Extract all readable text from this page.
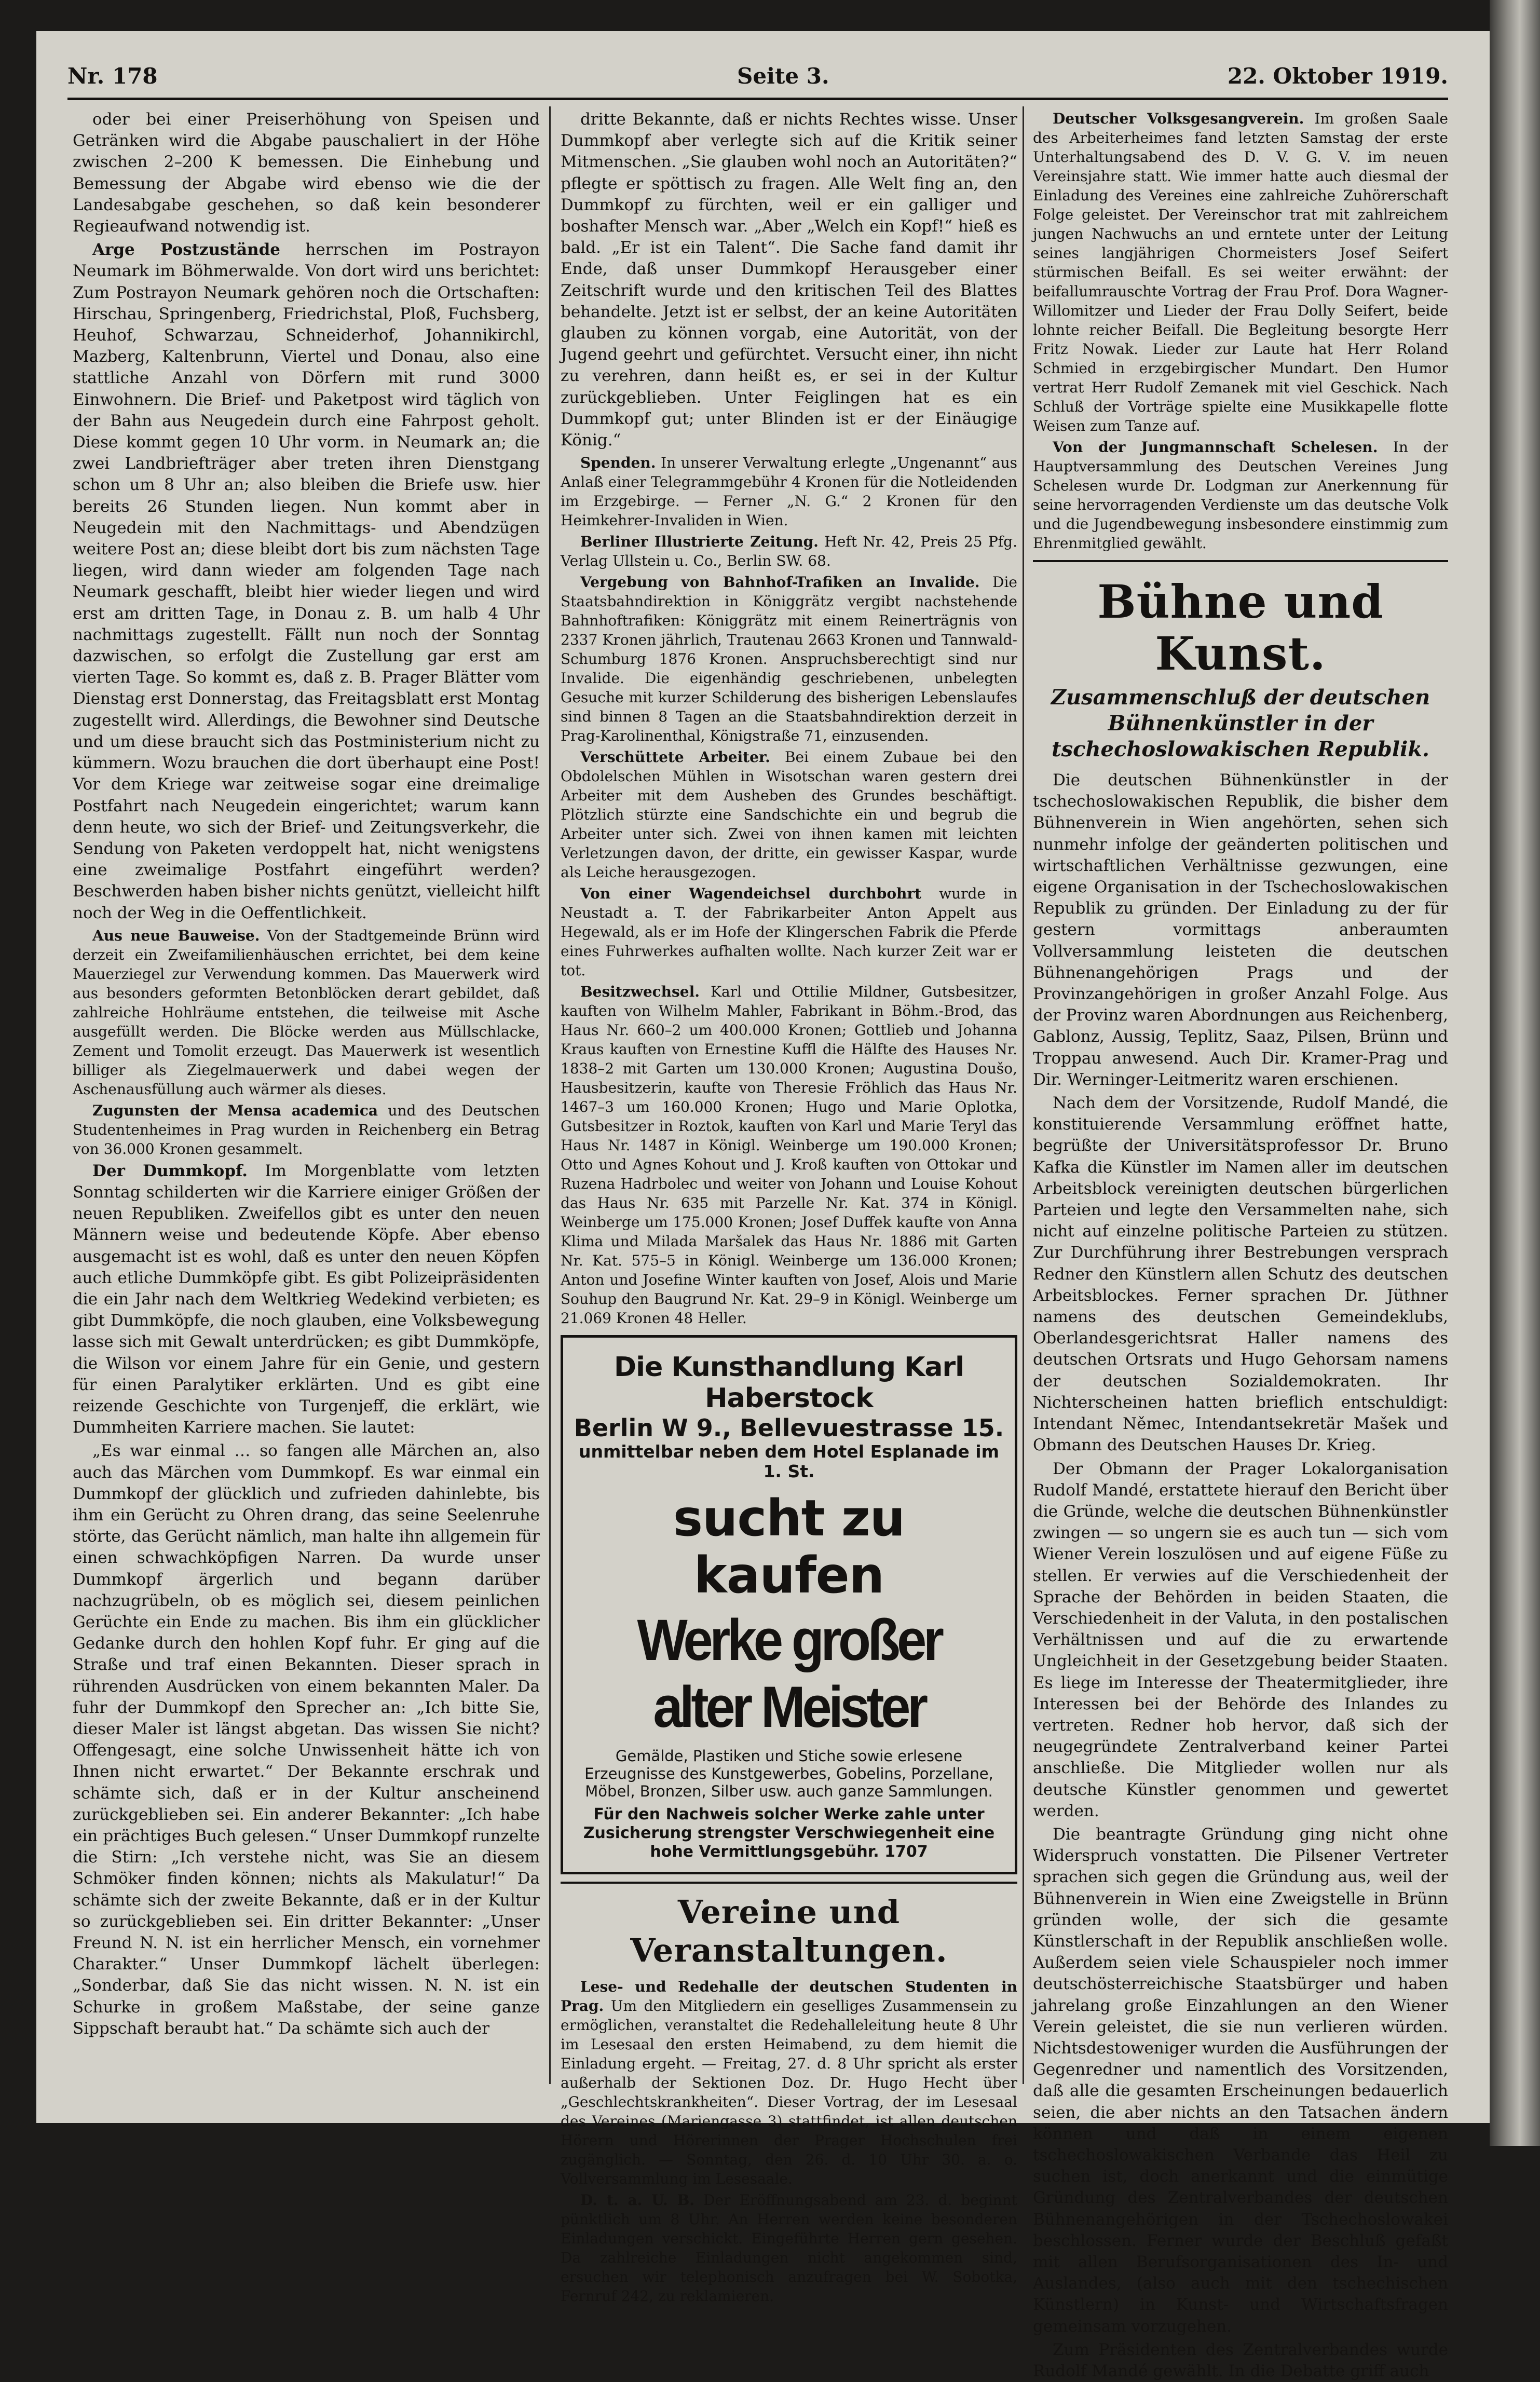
Nr. 178	Seite 3.	22. Oktober 1919.

oder bei einer Preiserhöhung von Speisen und Getränken wird die Abgabe pauschaliert in der Höhe zwischen 2–200 K bemessen. Die Einhebung und Bemessung der Abgabe wird ebenso wie die der Landesabgabe geschehen, so daß kein besonderer Regieaufwand notwendig ist.

Arge Postzustände herrschen im Postrayon Neumark im Böhmerwalde. Von dort wird uns berichtet: Zum Postrayon Neumark gehören noch die Ortschaften: Hirschau, Springenberg, Friedrichstal, Ploß, Fuchsberg, Heuhof, Schwarzau, Schneiderhof, Johannikirchl, Mazberg, Kaltenbrunn, Viertel und Donau, also eine stattliche Anzahl von Dörfern mit rund 3000 Einwohnern. Die Brief- und Paketpost wird täglich von der Bahn aus Neugedein durch eine Fahrpost geholt. Diese kommt gegen 10 Uhr vorm. in Neumark an; die zwei Landbriefträger aber treten ihren Dienstgang schon um 8 Uhr an; also bleiben die Briefe usw. hier bereits 26 Stunden liegen. Nun kommt aber in Neugedein mit den Nachmittags- und Abendzügen weitere Post an; diese bleibt dort bis zum nächsten Tage liegen, wird dann wieder am folgenden Tage nach Neumark geschafft, bleibt hier wieder liegen und wird erst am dritten Tage, in Donau z. B. um halb 4 Uhr nachmittags zugestellt. Fällt nun noch der Sonntag dazwischen, so erfolgt die Zustellung gar erst am vierten Tage. So kommt es, daß z. B. Prager Blätter vom Dienstag erst Donnerstag, das Freitagsblatt erst Montag zugestellt wird. Allerdings, die Bewohner sind Deutsche und um diese braucht sich das Postministerium nicht zu kümmern. Wozu brauchen die dort überhaupt eine Post! Vor dem Kriege war zeitweise sogar eine dreimalige Postfahrt nach Neugedein eingerichtet; warum kann denn heute, wo sich der Brief- und Zeitungsverkehr, die Sendung von Paketen verdoppelt hat, nicht wenigstens eine zweimalige Postfahrt eingeführt werden? Beschwerden haben bisher nichts genützt, vielleicht hilft noch der Weg in die Oeffentlichkeit.

Aus neue Bauweise. Von der Stadtgemeinde Brünn wird derzeit ein Zweifamilienhäuschen errichtet, bei dem keine Mauerziegel zur Verwendung kommen. Das Mauerwerk wird aus besonders geformten Betonblöcken derart gebildet, daß zahlreiche Hohlräume entstehen, die teilweise mit Asche ausgefüllt werden. Die Blöcke werden aus Müllschlacke, Zement und Tomolit erzeugt. Das Mauerwerk ist wesentlich billiger als Ziegelmauerwerk und dabei wegen der Aschenausfüllung auch wärmer als dieses.

Zugunsten der Mensa academica und des Deutschen Studentenheimes in Prag wurden in Reichenberg ein Betrag von 36.000 Kronen gesammelt.

Der Dummkopf. Im Morgenblatte vom letzten Sonntag schilderten wir die Karriere einiger Größen der neuen Republiken. Zweifellos gibt es unter den neuen Männern weise und bedeutende Köpfe. Aber ebenso ausgemacht ist es wohl, daß es unter den neuen Köpfen auch etliche Dummköpfe gibt. Es gibt Polizeipräsidenten die ein Jahr nach dem Weltkrieg Wedekind verbieten; es gibt Dummköpfe, die noch glauben, eine Volksbewegung lasse sich mit Gewalt unterdrücken; es gibt Dummköpfe, die Wilson vor einem Jahre für ein Genie, und gestern für einen Paralytiker erklärten. Und es gibt eine reizende Geschichte von Turgenjeff, die erklärt, wie Dummheiten Karriere machen. Sie lautet:

„Es war einmal … so fangen alle Märchen an, also auch das Märchen vom Dummkopf. Es war einmal ein Dummkopf der glücklich und zufrieden dahinlebte, bis ihm ein Gerücht zu Ohren drang, das seine Seelenruhe störte, das Gerücht nämlich, man halte ihn allgemein für einen schwachköpfigen Narren. Da wurde unser Dummkopf ärgerlich und begann darüber nachzugrübeln, ob es möglich sei, diesem peinlichen Gerüchte ein Ende zu machen. Bis ihm ein glücklicher Gedanke durch den hohlen Kopf fuhr. Er ging auf die Straße und traf einen Bekannten. Dieser sprach in rührenden Ausdrücken von einem bekannten Maler. Da fuhr der Dummkopf den Sprecher an: „Ich bitte Sie, dieser Maler ist längst abgetan. Das wissen Sie nicht? Offengesagt, eine solche Unwissenheit hätte ich von Ihnen nicht erwartet.“ Der Bekannte erschrak und schämte sich, daß er in der Kultur anscheinend zurückgeblieben sei. Ein anderer Bekannter: „Ich habe ein prächtiges Buch gelesen.“ Unser Dummkopf runzelte die Stirn: „Ich verstehe nicht, was Sie an diesem Schmöker finden können; nichts als Makulatur!“ Da schämte sich der zweite Bekannte, daß er in der Kultur so zurückgeblieben sei. Ein dritter Bekannter: „Unser Freund N. N. ist ein herrlicher Mensch, ein vornehmer Charakter.“ Unser Dummkopf lächelt überlegen: „Sonderbar, daß Sie das nicht wissen. N. N. ist ein Schurke in großem Maßstabe, der seine ganze Sippschaft beraubt hat.“ Da schämte sich auch der

dritte Bekannte, daß er nichts Rechtes wisse. Unser Dummkopf aber verlegte sich auf die Kritik seiner Mitmenschen. „Sie glauben wohl noch an Autoritäten?“ pflegte er spöttisch zu fragen. Alle Welt fing an, den Dummkopf zu fürchten, weil er ein galliger und boshafter Mensch war. „Aber „Welch ein Kopf!“ hieß es bald. „Er ist ein Talent“. Die Sache fand damit ihr Ende, daß unser Dummkopf Herausgeber einer Zeitschrift wurde und den kritischen Teil des Blattes behandelte. Jetzt ist er selbst, der an keine Autoritäten glauben zu können vorgab, eine Autorität, von der Jugend geehrt und gefürchtet. Versucht einer, ihn nicht zu verehren, dann heißt es, er sei in der Kultur zurückgeblieben. Unter Feiglingen hat es ein Dummkopf gut; unter Blinden ist er der Einäugige König.“

Spenden. In unserer Verwaltung erlegte „Ungenannt“ aus Anlaß einer Telegrammgebühr 4 Kronen für die Notleidenden im Erzgebirge. — Ferner „N. G.“ 2 Kronen für den Heimkehrer-Invaliden in Wien.

Berliner Illustrierte Zeitung. Heft Nr. 42, Preis 25 Pfg. Verlag Ullstein u. Co., Berlin SW. 68.

Vergebung von Bahnhof-Trafiken an Invalide. Die Staatsbahndirektion in Königgrätz vergibt nachstehende Bahnhoftrafiken: Königgrätz mit einem Reinerträgnis von 2337 Kronen jährlich, Trautenau 2663 Kronen und Tannwald-Schumburg 1876 Kronen. Anspruchsberechtigt sind nur Invalide. Die eigenhändig geschriebenen, unbelegten Gesuche mit kurzer Schilderung des bisherigen Lebenslaufes sind binnen 8 Tagen an die Staatsbahndirektion derzeit in Prag-Karolinenthal, Königstraße 71, einzusenden.

Verschüttete Arbeiter. Bei einem Zubaue bei den Obdolelschen Mühlen in Wisotschan waren gestern drei Arbeiter mit dem Ausheben des Grundes beschäftigt. Plötzlich stürzte eine Sandschichte ein und begrub die Arbeiter unter sich. Zwei von ihnen kamen mit leichten Verletzungen davon, der dritte, ein gewisser Kaspar, wurde als Leiche herausgezogen.

Von einer Wagendeichsel durchbohrt wurde in Neustadt a. T. der Fabrikarbeiter Anton Appelt aus Hegewald, als er im Hofe der Klingerschen Fabrik die Pferde eines Fuhrwerkes aufhalten wollte. Nach kurzer Zeit war er tot.

Besitzwechsel. Karl und Ottilie Mildner, Gutsbesitzer, kauften von Wilhelm Mahler, Fabrikant in Böhm.-Brod, das Haus Nr. 660–2 um 400.000 Kronen; Gottlieb und Johanna Kraus kauften von Ernestine Kuffl die Hälfte des Hauses Nr. 1838–2 mit Garten um 130.000 Kronen; Augustina Doušo, Hausbesitzerin, kaufte von Theresie Fröhlich das Haus Nr. 1467–3 um 160.000 Kronen; Hugo und Marie Oplotka, Gutsbesitzer in Roztok, kauften von Karl und Marie Teryl das Haus Nr. 1487 in Königl. Weinberge um 190.000 Kronen; Otto und Agnes Kohout und J. Kroß kauften von Ottokar und Ruzena Hadrbolec und weiter von Johann und Louise Kohout das Haus Nr. 635 mit Parzelle Nr. Kat. 374 in Königl. Weinberge um 175.000 Kronen; Josef Duffek kaufte von Anna Klima und Milada Maršalek das Haus Nr. 1886 mit Garten Nr. Kat. 575–5 in Königl. Weinberge um 136.000 Kronen; Anton und Josefine Winter kauften von Josef, Alois und Marie Souhup den Baugrund Nr. Kat. 29–9 in Königl. Weinberge um 21.069 Kronen 48 Heller.

Die Kunsthandlung Karl Haberstock
Berlin W 9., Bellevuestrasse 15.
unmittelbar neben dem Hotel Esplanade im 1. St.
sucht zu kaufen
Werke großer alter Meister
Gemälde, Plastiken und Stiche sowie erlesene Erzeugnisse des Kunstgewerbes, Gobelins, Porzellane, Möbel, Bronzen, Silber usw. auch ganze Sammlungen.
Für den Nachweis solcher Werke zahle unter Zusicherung strengster Verschwiegenheit eine hohe Vermittlungsgebühr. 1707
Vereine und Veranstaltungen.

Lese- und Redehalle der deutschen Studenten in Prag. Um den Mitgliedern ein geselliges Zusammensein zu ermöglichen, veranstaltet die Redehalleleitung heute 8 Uhr im Lesesaal den ersten Heimabend, zu dem hiemit die Einladung ergeht. — Freitag, 27. d. 8 Uhr spricht als erster außerhalb der Sektionen Doz. Dr. Hugo Hecht über „Geschlechtskrankheiten“. Dieser Vortrag, der im Lesesaal des Vereines (Mariengasse 3) stattfindet, ist allen deutschen Hörern und Hörerinnen der Prager Hochschulen frei zugänglich. — Sonntag, den 26. d. 10 Uhr 30. a. o. Vollversammlung im Lesesaale.

D. t. a. U. B. Der Eröffnungsabend am 23. d. beginnt pünktlich um 8 Uhr. An Herren werden keine besonderen Einladungen verschickt. Eingeführte Herren gern gesehen. Da zahlreiche Einladungen nicht angekommen sind, ersuchen wir telephonisch anzufragen bei W. Sobotka, Fernruf 242, zu reklamieren.

Deutscher Volksgesangverein. Im großen Saale des Arbeiterheimes fand letzten Samstag der erste Unterhaltungsabend des D. V. G. V. im neuen Vereinsjahre statt. Wie immer hatte auch diesmal der Einladung des Vereines eine zahlreiche Zuhörerschaft Folge geleistet. Der Vereinschor trat mit zahlreichem jungen Nachwuchs an und erntete unter der Leitung seines langjährigen Chormeisters Josef Seifert stürmischen Beifall. Es sei weiter erwähnt: der beifallumrauschte Vortrag der Frau Prof. Dora Wagner-Willomitzer und Lieder der Frau Dolly Seifert, beide lohnte reicher Beifall. Die Begleitung besorgte Herr Fritz Nowak. Lieder zur Laute hat Herr Roland Schmied in erzgebirgischer Mundart. Den Humor vertrat Herr Rudolf Zemanek mit viel Geschick. Nach Schluß der Vorträge spielte eine Musikkapelle flotte Weisen zum Tanze auf.

Von der Jungmannschaft Schelesen. In der Hauptversammlung des Deutschen Vereines Jung Schelesen wurde Dr. Lodgman zur Anerkennung für seine hervorragenden Verdienste um das deutsche Volk und die Jugendbewegung insbesondere einstimmig zum Ehrenmitglied gewählt.

Bühne und Kunst.
Zusammenschluß der deutschen Bühnenkünstler in der tschechoslowakischen Republik.

Die deutschen Bühnenkünstler in der tschechoslowakischen Republik, die bisher dem Bühnenverein in Wien angehörten, sehen sich nunmehr infolge der geänderten politischen und wirtschaftlichen Verhältnisse gezwungen, eine eigene Organisation in der Tschechoslowakischen Republik zu gründen. Der Einladung zu der für gestern vormittags anberaumten Vollversammlung leisteten die deutschen Bühnenangehörigen Prags und der Provinzangehörigen in großer Anzahl Folge. Aus der Provinz waren Abordnungen aus Reichenberg, Gablonz, Aussig, Teplitz, Saaz, Pilsen, Brünn und Troppau anwesend. Auch Dir. Kramer-Prag und Dir. Werninger-Leitmeritz waren erschienen.

Nach dem der Vorsitzende, Rudolf Mandé, die konstituierende Versammlung eröffnet hatte, begrüßte der Universitätsprofessor Dr. Bruno Kafka die Künstler im Namen aller im deutschen Arbeitsblock vereinigten deutschen bürgerlichen Parteien und legte den Versammelten nahe, sich nicht auf einzelne politische Parteien zu stützen. Zur Durchführung ihrer Bestrebungen versprach Redner den Künstlern allen Schutz des deutschen Arbeitsblockes. Ferner sprachen Dr. Jüthner namens des deutschen Gemeindeklubs, Oberlandesgerichtsrat Haller namens des deutschen Ortsrats und Hugo Gehorsam namens der deutschen Sozialdemokraten. Ihr Nichterscheinen hatten brieflich entschuldigt: Intendant Němec, Intendantsekretär Mašek und Obmann des Deutschen Hauses Dr. Krieg.

Der Obmann der Prager Lokalorganisation Rudolf Mandé, erstattete hierauf den Bericht über die Gründe, welche die deutschen Bühnenkünstler zwingen — so ungern sie es auch tun — sich vom Wiener Verein loszulösen und auf eigene Füße zu stellen. Er verwies auf die Verschiedenheit der Sprache der Behörden in beiden Staaten, die Verschiedenheit in der Valuta, in den postalischen Verhältnissen und auf die zu erwartende Ungleichheit in der Gesetzgebung beider Staaten. Es liege im Interesse der Theatermitglieder, ihre Interessen bei der Behörde des Inlandes zu vertreten. Redner hob hervor, daß sich der neugegründete Zentralverband keiner Partei anschließe. Die Mitglieder wollen nur als deutsche Künstler genommen und gewertet werden.

Die beantragte Gründung ging nicht ohne Widerspruch vonstatten. Die Pilsener Vertreter sprachen sich gegen die Gründung aus, weil der Bühnenverein in Wien eine Zweigstelle in Brünn gründen wolle, der sich die gesamte Künstlerschaft in der Republik anschließen wolle. Außerdem seien viele Schauspieler noch immer deutschösterreichische Staatsbürger und haben jahrelang große Einzahlungen an den Wiener Verein geleistet, die sie nun verlieren würden. Nichtsdestoweniger wurden die Ausführungen der Gegenredner und namentlich des Vorsitzenden, daß alle die gesamten Erscheinungen bedauerlich seien, die aber nichts an den Tatsachen ändern können und daß in einem eigenen tschechoslowakischen Verbande das Heil zu suchen ist, doch anerkannt und die einmütige Gründung des Zentralverbandes der deutschen Bühnenangehörigen in der Tschechoslowakei beschlossen. Ferner wurde der Beschluß gefaßt mit allen Berufsorganisationen des In- und Auslandes, (also auch mit den tschechischen Künstlern) in Kunst- und Wirtschaftsfragen gemeinsam vorzugehen.

Zum Präsidenten des Zentralverbandes wurde Rudolf Mandé gewählt. In die Debatte griff auch
